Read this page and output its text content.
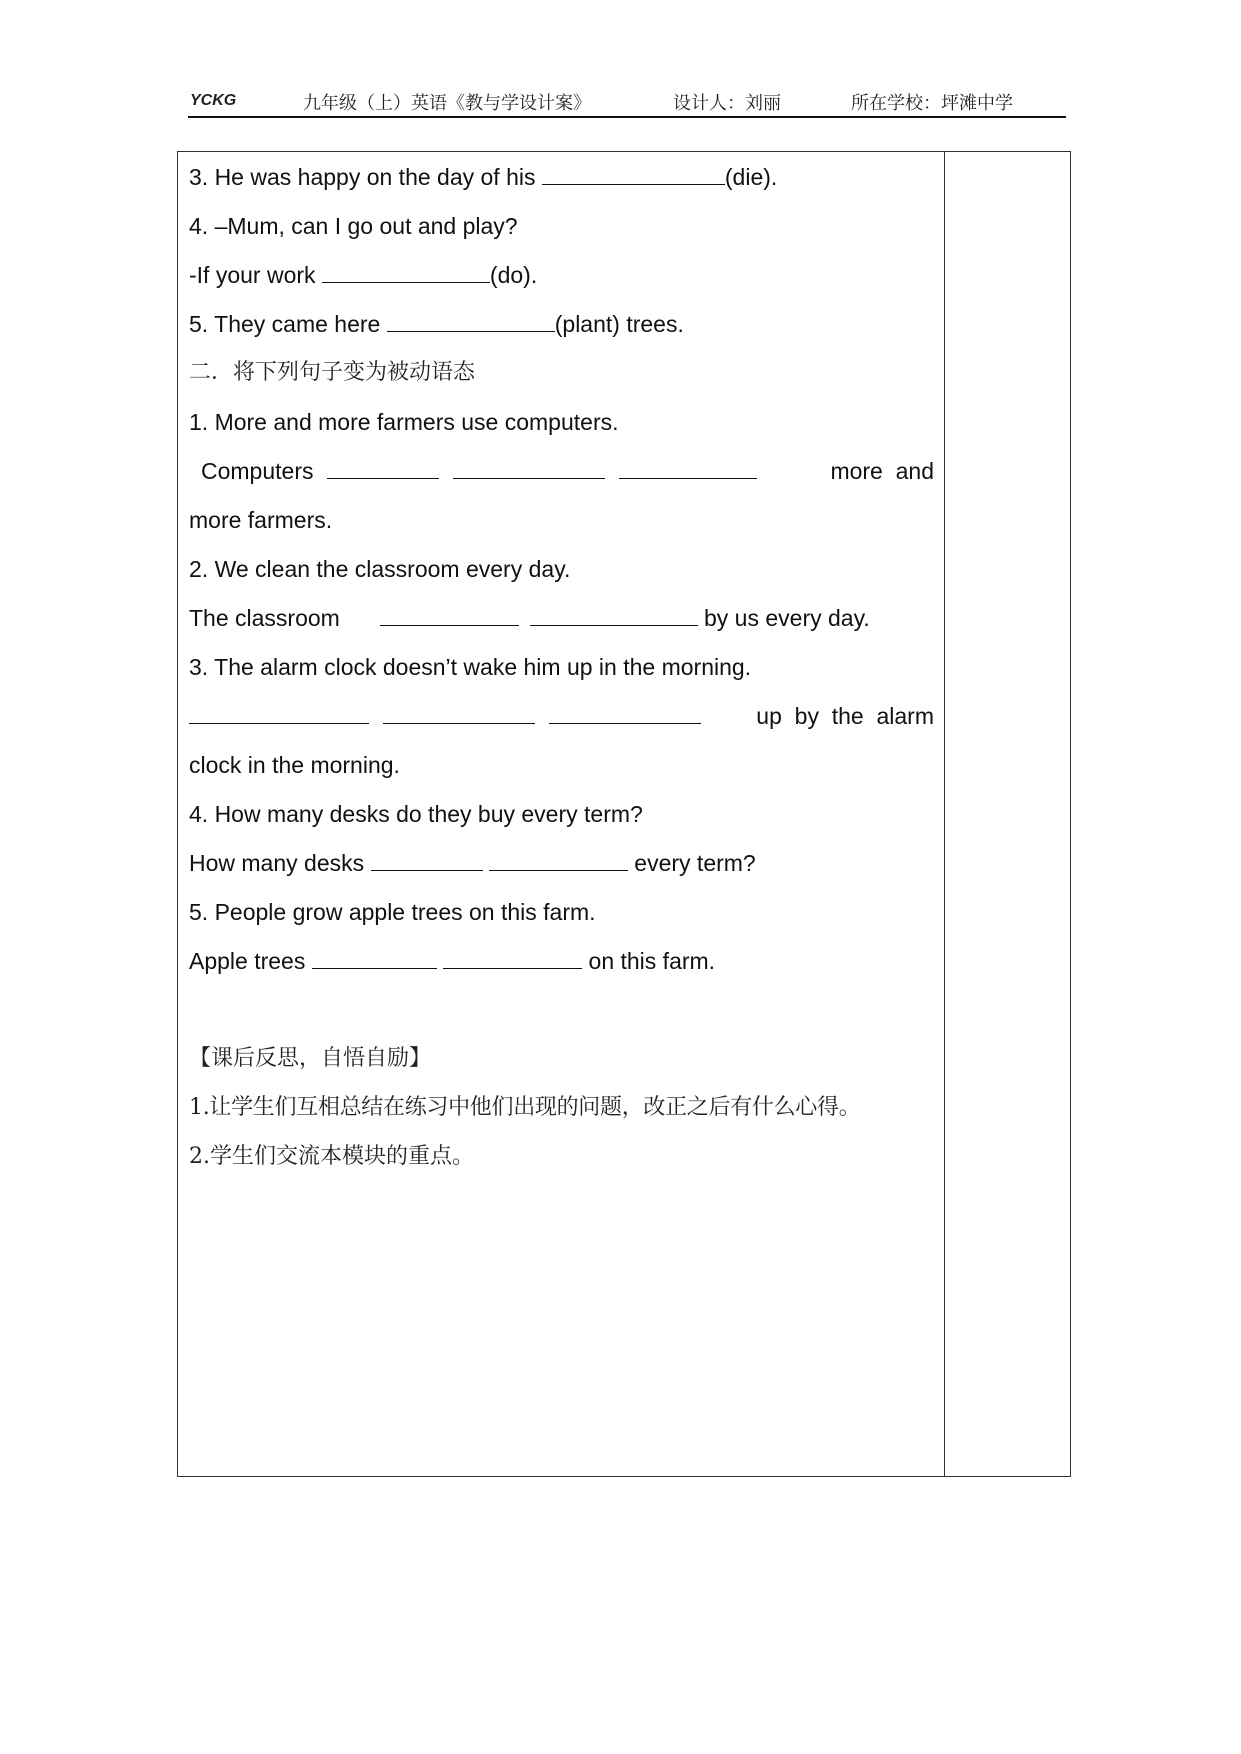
YCKG	九年级（上）英语《教与学设计案》	设计人：刘丽	所在学校：坪滩中学
3. He was happy on the day of his	(die).
4. –Mum, can I go out and play?
-If your work	(do).
5. They came here	(plant) trees.
二．将下列句子变为被动语态
1. More and more farmers use computers.
Computers	more  and
more farmers.
2. We clean the classroom every day.
The classroom	by us every day.
3. The alarm clock doesn’t wake him up in the morning.
up  by  the  alarm
clock in the morning.
4. How many desks do they buy every term?
How many desks	every term?
5. People grow apple trees on this farm.
Apple trees	on this farm.
【课后反思，自悟自励】
1.让学生们互相总结在练习中他们出现的问题，改正之后有什么心得。
2.学生们交流本模块的重点。
